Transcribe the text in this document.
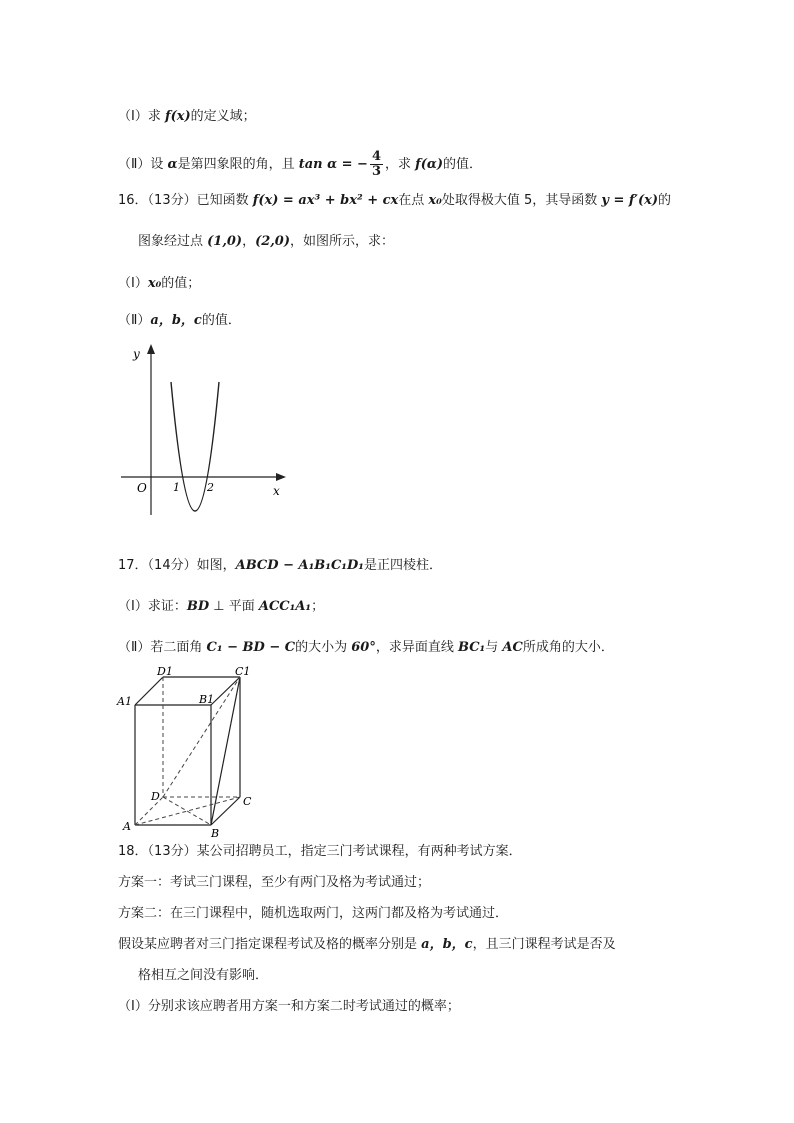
（Ⅰ）求 f(x)的定义域；
（Ⅱ）设 α是第四象限的角，且 tan α = − $\frac{4}{3}$ ，求 f(α)的值．
16．（13分）已知函数 f(x) = ax³ + bx² + cx在点 x₀处取得极大值 5，其导函数 y = f′(x)的
图象经过点 (1,0)，(2,0)，如图所示，求：
（Ⅰ）x₀的值；
（Ⅱ）a，b，c的值．
y
x
O 1 2
17．（14分）如图，ABCD − A₁B₁C₁D₁是正四棱柱．
（Ⅰ）求证：BD ⊥ 平面 ACC₁A₁；
（Ⅱ）若二面角 C₁ − BD − C的大小为 60°，求异面直线 BC₁与 AC所成角的大小．
D1	C1
A1	B1
D	C
A
B
18．（13分）某公司招聘员工，指定三门考试课程，有两种考试方案．
方案一：考试三门课程，至少有两门及格为考试通过；
方案二：在三门课程中，随机选取两门，这两门都及格为考试通过．
假设某应聘者对三门指定课程考试及格的概率分别是 a，b，c，且三门课程考试是否及
格相互之间没有影响．
（Ⅰ）分别求该应聘者用方案一和方案二时考试通过的概率；
